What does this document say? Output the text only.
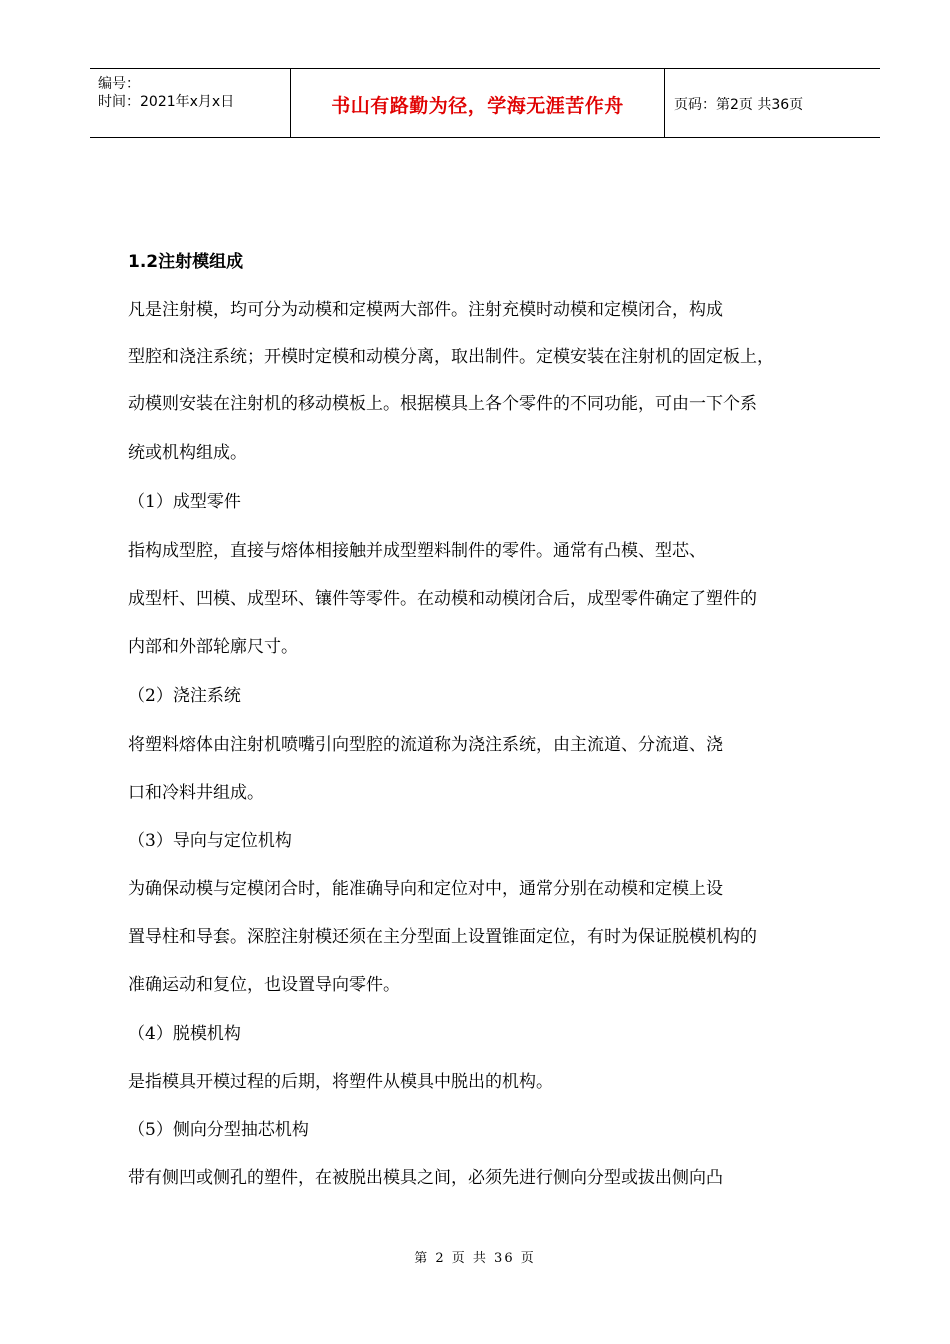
编号：
时间：2021年x月x日	书山有路勤为径，学海无涯苦作舟	页码：第2页 共36页
1.2注射模组成
凡是注射模，均可分为动模和定模两大部件。注射充模时动模和定模闭合，构成
型腔和浇注系统；开模时定模和动模分离，取出制件。定模安装在注射机的固定板上，
动模则安装在注射机的移动模板上。根据模具上各个零件的不同功能，可由一下个系
统或机构组成。
（1）成型零件
指构成型腔，直接与熔体相接触并成型塑料制件的零件。通常有凸模、型芯、
成型杆、凹模、成型环、镶件等零件。在动模和动模闭合后，成型零件确定了塑件的
内部和外部轮廓尺寸。
（2）浇注系统
将塑料熔体由注射机喷嘴引向型腔的流道称为浇注系统，由主流道、分流道、浇
口和冷料井组成。
（3）导向与定位机构
为确保动模与定模闭合时，能准确导向和定位对中，通常分别在动模和定模上设
置导柱和导套。深腔注射模还须在主分型面上设置锥面定位，有时为保证脱模机构的
准确运动和复位，也设置导向零件。
（4）脱模机构
是指模具开模过程的后期，将塑件从模具中脱出的机构。
（5）侧向分型抽芯机构
带有侧凹或侧孔的塑件，在被脱出模具之间，必须先进行侧向分型或拔出侧向凸
第 2 页 共 36 页
